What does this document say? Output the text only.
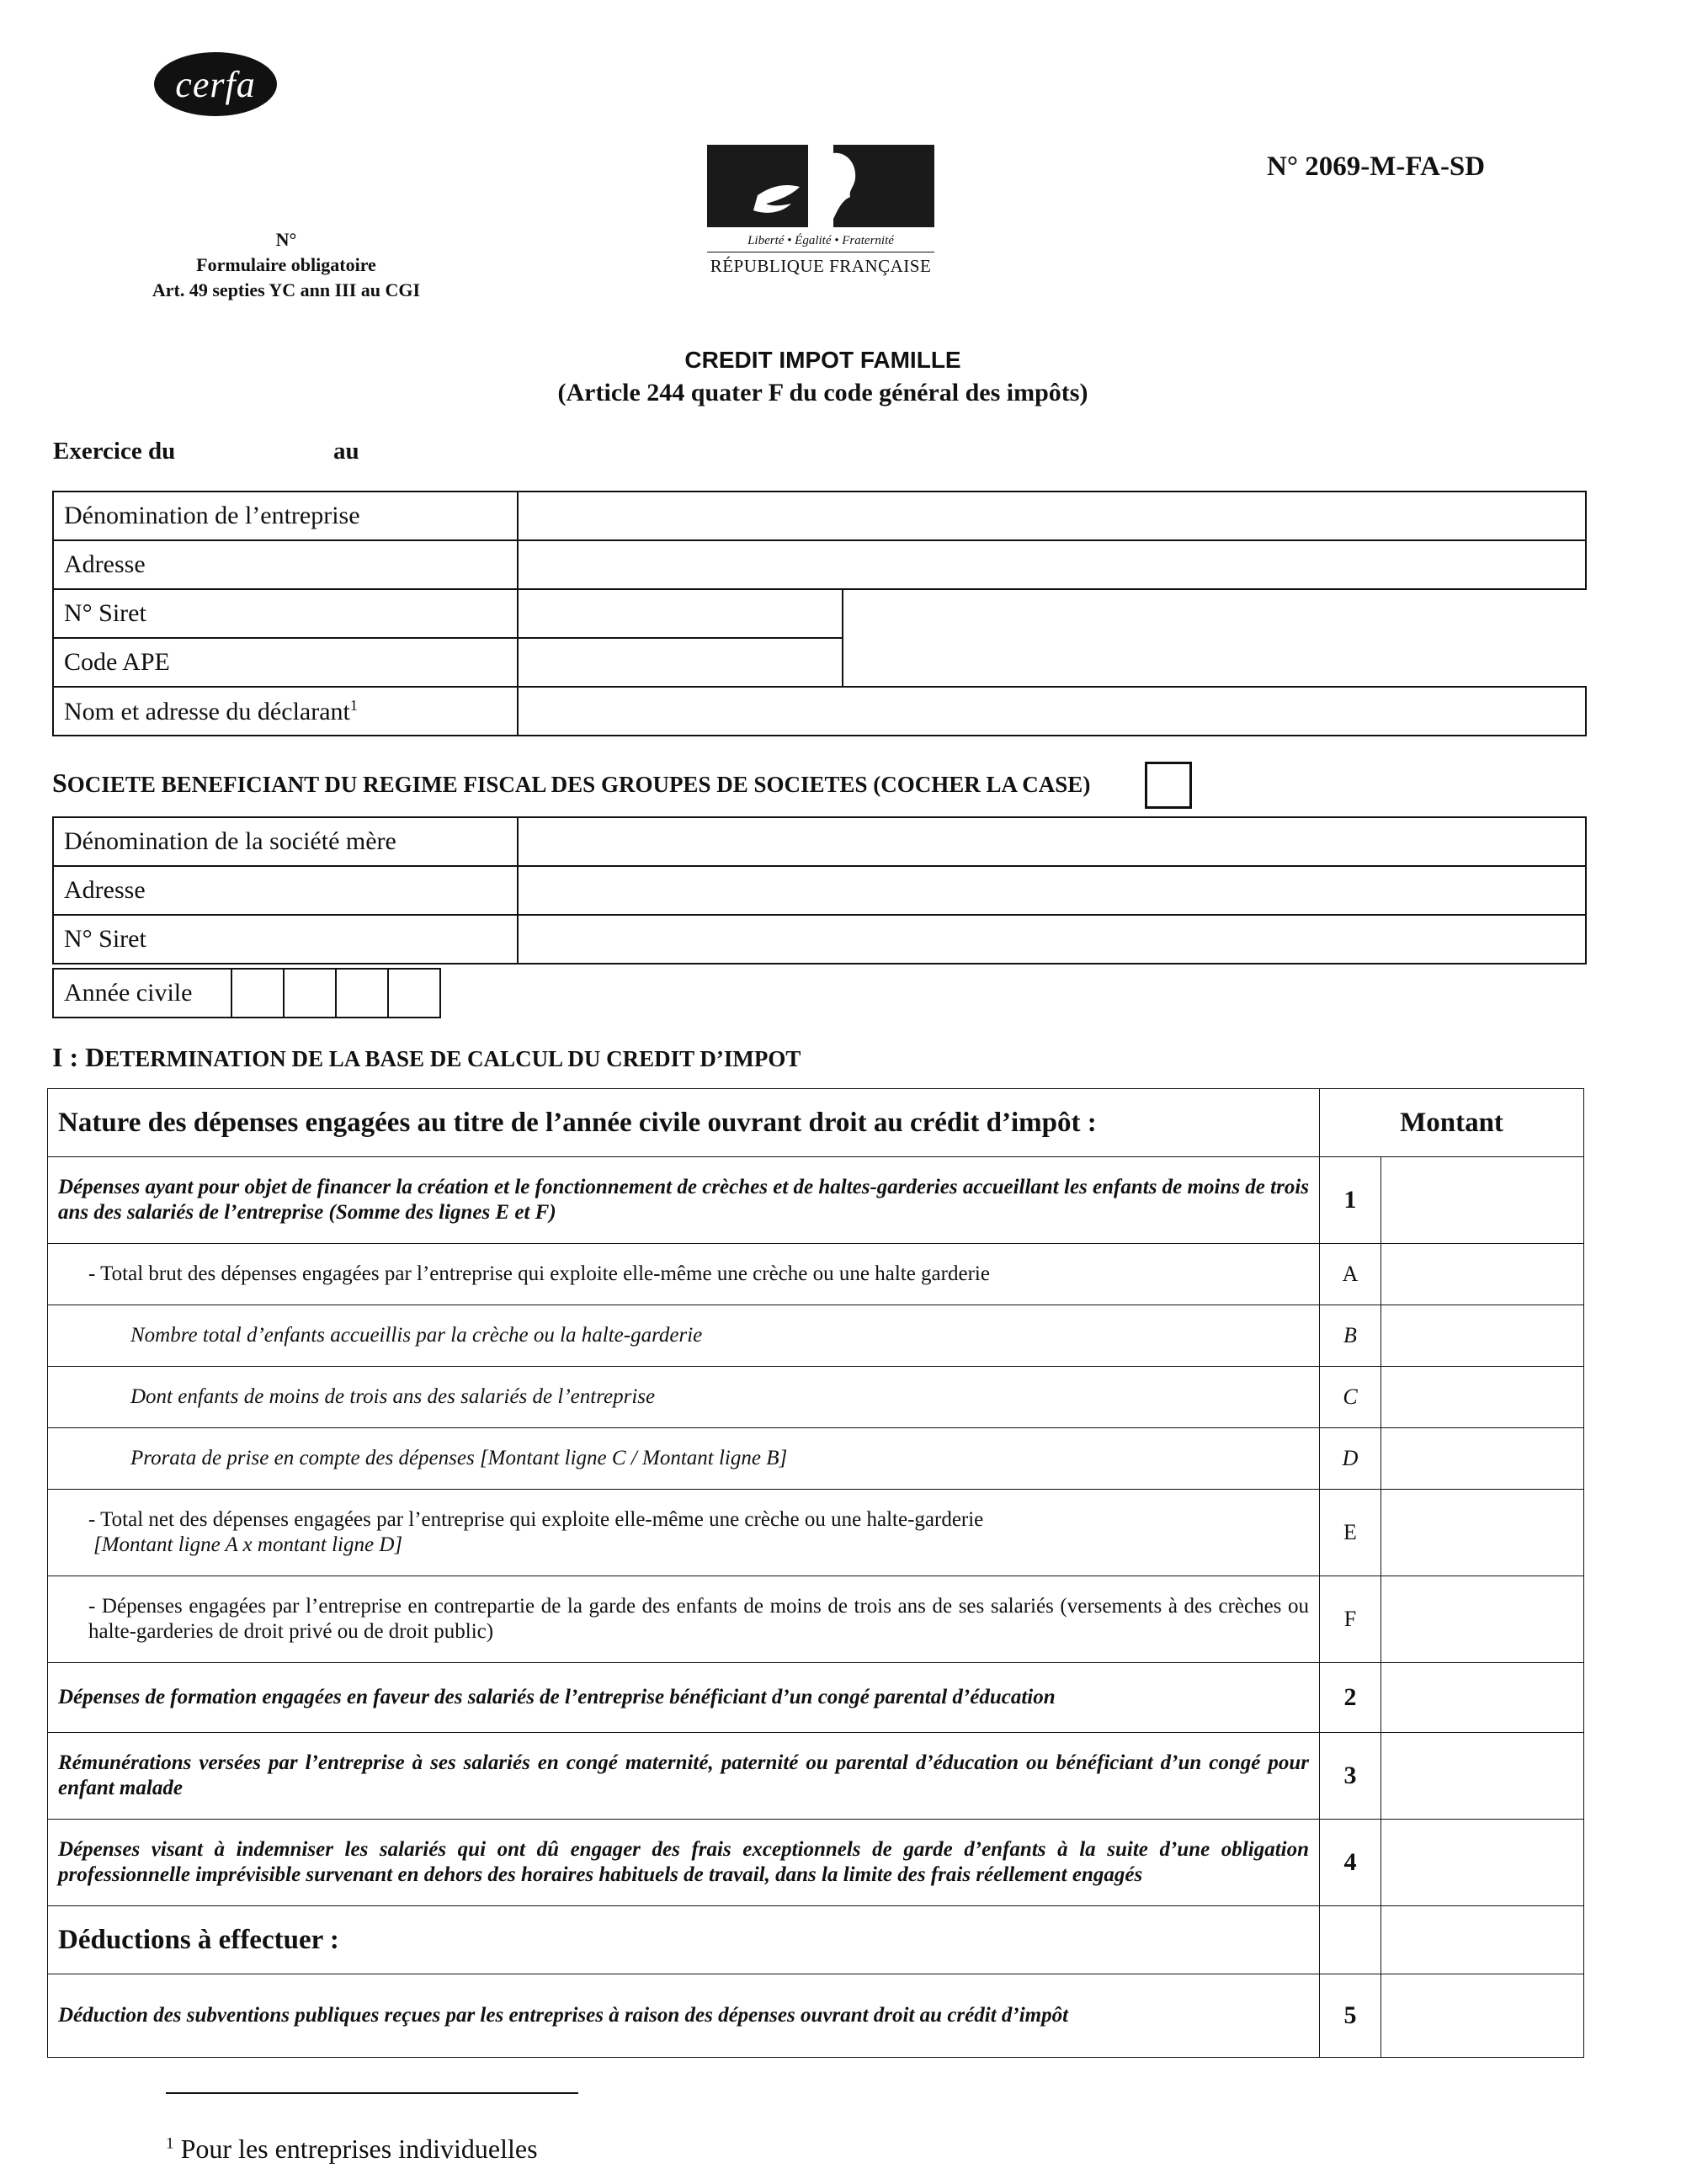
cerfa
Liberté • Égalité • Fraternité
RÉPUBLIQUE FRANÇAISE
N° 2069-M-FA-SD
N°
Formulaire obligatoire
Art. 49 septies YC ann III au CGI
CREDIT IMPOT FAMILLE
(Article 244 quater F du code général des impôts)
Exercice du	au
Dénomination de l’entreprise		
Adresse		
N° Siret		
Code APE		
Nom et adresse du déclarant$^1$	
SOCIETE BENEFICIANT DU REGIME FISCAL DES GROUPES DE SOCIETES (COCHER LA CASE)
Dénomination de la société mère	
Adresse	
N° Siret	
Année civile				
I : DETERMINATION DE LA BASE DE CALCUL DU CREDIT D’IMPOT
Nature des dépenses engagées au titre de l’année civile ouvrant droit au crédit d’impôt :	Montant	
Dépenses ayant pour objet de financer la création et le fonctionnement de crèches et de haltes-garderies accueillant les enfants de moins de trois ans des salariés de l’entreprise (Somme des lignes E et F)	1	
- Total brut des dépenses engagées par l’entreprise qui exploite elle-même une crèche ou une halte garderie	A	
Nombre total d’enfants accueillis par la crèche ou la halte-garderie	B	
Dont enfants de moins de trois ans des salariés de l’entreprise	C	
Prorata de prise en compte des dépenses [Montant ligne C / Montant ligne B]	D	

- Total net des dépenses engagées par l’entreprise qui exploite elle-même une crèche ou une halte-garderie
[Montant ligne A x montant ligne D]	E	
- Dépenses engagées par l’entreprise en contrepartie de la garde des enfants de moins de trois ans de ses salariés (versements à des crèches ou halte-garderies de droit privé ou de droit public)	F	
Dépenses de formation engagées en faveur des salariés de l’entreprise bénéficiant d’un congé parental d’éducation	2	
Rémunérations versées par l’entreprise à ses salariés en congé maternité, paternité ou parental d’éducation ou bénéficiant d’un congé pour enfant malade	3	
Dépenses visant à indemniser les salariés qui ont dû engager des frais exceptionnels de garde d’enfants à la suite d’une obligation professionnelle imprévisible survenant en dehors des horaires habituels de travail, dans la limite des frais réellement engagés	4	
Déductions à effectuer :		
Déduction des subventions publiques reçues par les entreprises à raison des dépenses ouvrant droit au crédit d’impôt	5	
$^1$ Pour les entreprises individuelles
